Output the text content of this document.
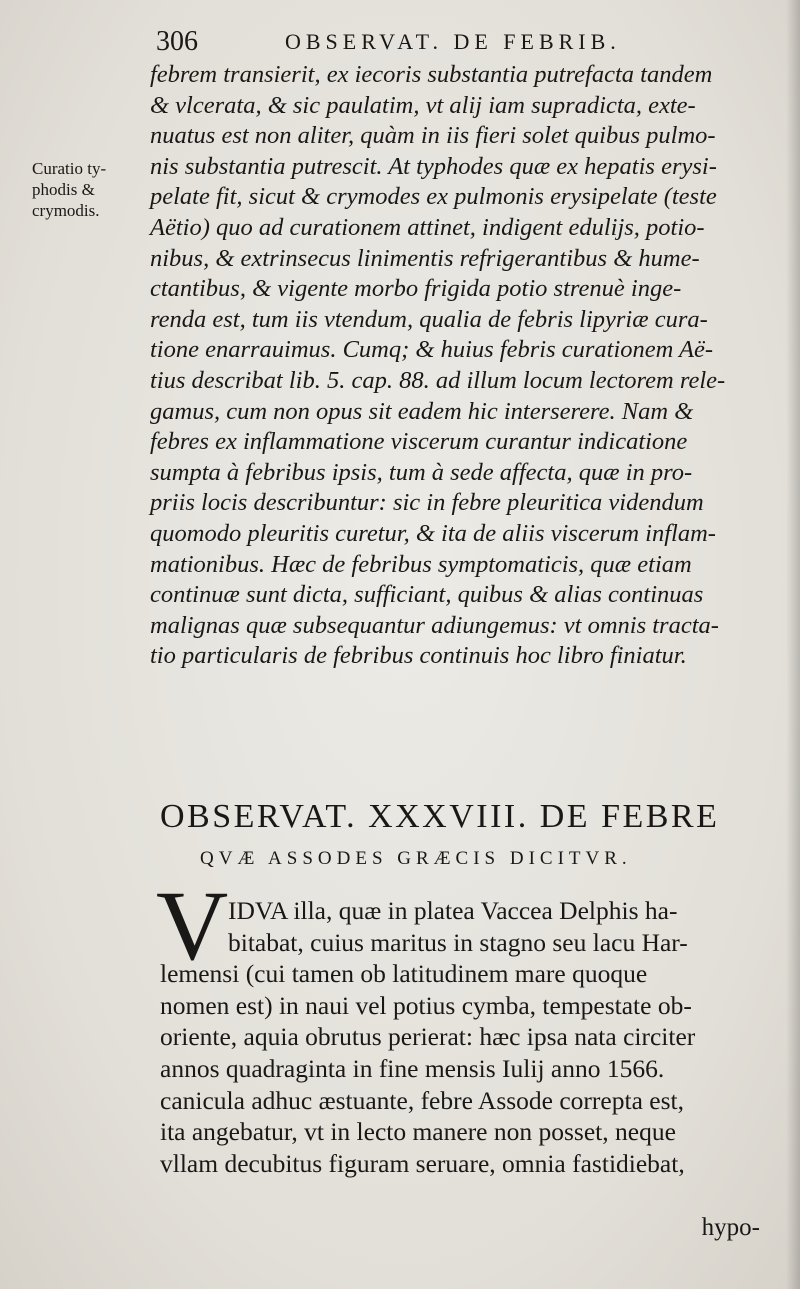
306	OBSERVAT. DE FEBRIB.
Curatio ty-
phodis &
crymodis.
febrem transierit, ex iecoris substantia putrefacta tandem
& vlcerata, & sic paulatim, vt alij iam supradicta, exte-
nuatus est non aliter, quàm in iis fieri solet quibus pulmo-
nis substantia putrescit. At typhodes quæ ex hepatis erysi-
pelate fit, sicut & crymodes ex pulmonis erysipelate (teste
Aëtio) quo ad curationem attinet, indigent edulijs, potio-
nibus, & extrinsecus linimentis refrigerantibus & hume-
ctantibus, & vigente morbo frigida potio strenuè inge-
renda est, tum iis vtendum, qualia de febris lipyriæ cura-
tione enarrauimus. Cumq; & huius febris curationem Aë-
tius describat lib. 5. cap. 88. ad illum locum lectorem rele-
gamus, cum non opus sit eadem hic interserere. Nam &
febres ex inflammatione viscerum curantur indicatione
sumpta à febribus ipsis, tum à sede affecta, quæ in pro-
priis locis describuntur: sic in febre pleuritica videndum
quomodo pleuritis curetur, & ita de aliis viscerum inflam-
mationibus. Hæc de febribus symptomaticis, quæ etiam
continuæ sunt dicta, sufficiant, quibus & alias continuas
malignas quæ subsequantur adiungemus: vt omnis tracta-
tio particularis de febribus continuis hoc libro finiatur.
OBSERVAT. XXXVIII. DE FEBRE
QVÆ ASSODES GRÆCIS DICITVR.
V IDVA illa, quæ in platea Vaccea Delphis ha-
bitabat, cuius maritus in stagno seu lacu Har-
lemensi (cui tamen ob latitudinem mare quoque
nomen est) in naui vel potius cymba, tempestate ob-
oriente, aquia obrutus perierat: hæc ipsa nata circiter
annos quadraginta in fine mensis Iulij anno 1566.
canicula adhuc æstuante, febre Assode correpta est,
ita angebatur, vt in lecto manere non posset, neque
vllam decubitus figuram seruare, omnia fastidiebat,
hypo-
